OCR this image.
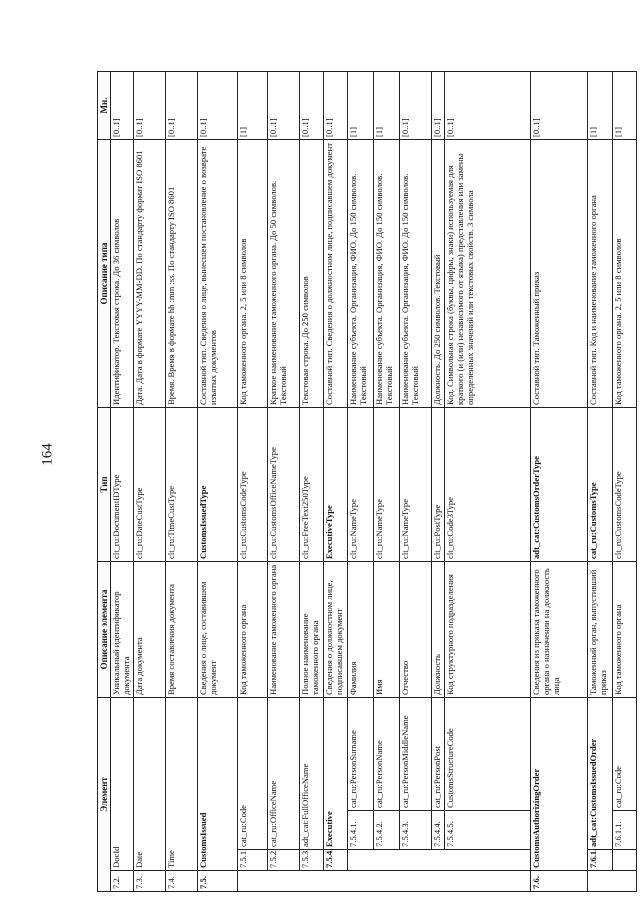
164
Элемент				Описание элемента	Тип	Описание типа	Мн.
7.2.	DocId			Уникальный идентификатор документа	clt_ru:DocumentIDType	Идентификатор. Текстовая строка. До 36 символов	[0..1]
7.3.	Date			Дата документа	clt_ru:DateCustType	Дата. Дата в формате YYYY-MM-DD. По стандарту формат ISO 8601	[0..1]
7.4.	Time			Время составления документа	clt_ru:TimeCustType	Время. Время в формате hh :mm :ss. По стандарту ISO 8601	[0..1]
7.5.	CustomsIssued			Сведения о лице, составившем документ	CustomsIssuedType	Составной тип. Сведения о лице, вынесшем постановление о возврате изъятых документов	[0..1]
	7.5.1.	cat_ru:Code		Код таможенного органа	clt_ru:CustomsCodeType	Код таможенного органа. 2, 5 или 8 символов	[1]
	7.5.2.	cat_ru:OfficeName		Наименование таможенного органа	clt_ru:CustomsOfficeNameType	Краткое наименование таможенного органа. До 50 символов. Текстовый	[0..1]
	7.5.3.	adt_cat:FullOfficeName		Полное наименование таможенного органа	clt_ru:FreeText250Type	Текстовая строка. До 250 символов	[0..1]
	7.5.4.	Executive		Сведения о должностном лице, подписавшем документ	ExecutiveType	Составной тип. Сведения о должностном лице, подписавшем документ	[0..1]
		7.5.4.1.	cat_ru:PersonSurname	Фамилия	clt_ru:NameType	Наименование субъекта. Организация, ФИО. До 150 символов. Текстовый	[1]
		7.5.4.2.	cat_ru:PersonName	Имя	clt_ru:NameType	Наименование субъекта. Организация, ФИО. До 150 символов. Текстовый	[1]
		7.5.4.3.	cat_ru:PersonMiddleName	Отчество	clt_ru:NameType	Наименование субъекта. Организация, ФИО. До 150 символов. Текстовый	[0..1]
		7.5.4.4.	cat_ru:PersonPost	Должность	clt_ru:PostType	Должность. До 250 символов. Текстовый	[0..1]
		7.5.4.5.	CustomsStructureCode	Код структурного подразделения	clt_ru:Code3Type	Код. Символьная строка (буквы, цифры, знаки) используемая для краткого (и (или) независимого от языка) представления или замены определенных значений или текстовых свойств. 3 символа	[0..1]
7.6.	CustomsAuthorizingOrder			Сведения из приказа таможенного органа о назначении на должность лица	adt_cat:CustomsOrderType	Составной тип. Таможенный приказ	[0..1]
	7.6.1.	adt_cat:CustomsIssuedOrder		Таможенный орган, выпустивший приказ	cat_ru:CustomsType	Составной тип. Код и наименование таможенного органа	[1]
		7.6.1.1.	cat_ru:Code	Код таможенного органа	clt_ru:CustomsCodeType	Код таможенного органа. 2, 5 или 8 символов	[1]
